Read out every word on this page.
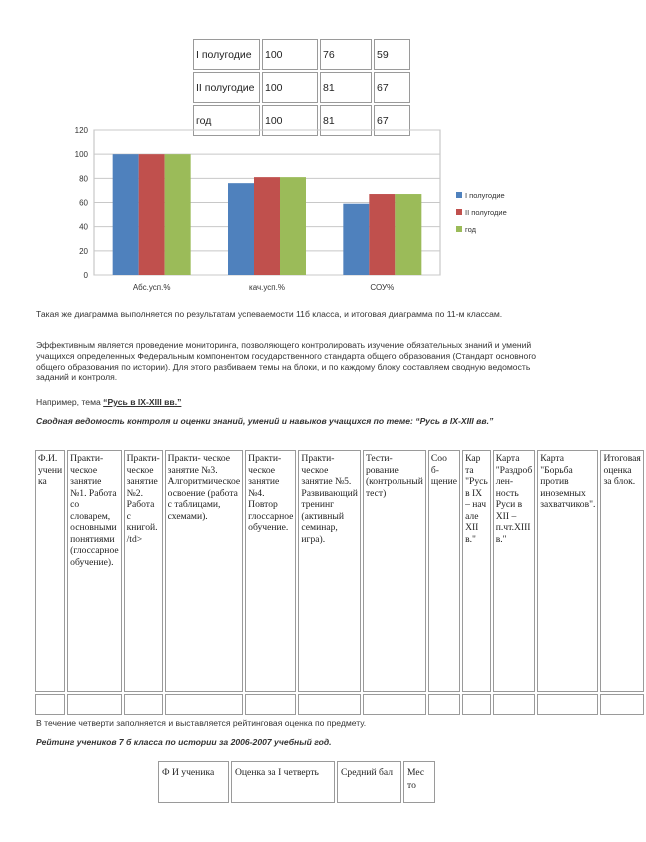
I полугодие	100	76	59
II полугодие	100	81	67
год	100	81	67
0
20
40
60
80
100
120
Абс.усп.%	кач.усп.%	СОУ%
I полугодие
II полугодие
год

Такая же диаграмма выполняется по результатам успеваемости 11б класса, и итоговая диаграмма по 11-м классам.

Эффективным является проведение мониторинга, позволяющего контролировать изучение обязательных знаний и умений учащихся определенных Федеральным компонентом государственного стандарта общего образования (Стандарт основного общего образования по истории). Для этого разбиваем темы на блоки, и по каждому блоку составляем сводную ведомость заданий и контроля.

Например, тема “Русь в IX-XIII вв.”

Сводная ведомость контроля и оценки знаний, умений и навыков учащихся по теме: “Русь в IX-XIII вв.”

Ф.И. учени ка	Практи- ческое занятие №1. Работа со словарем, основными понятиями (глоссарное обучение).	Практи- ческое занятие №2. Работа с книгой. /td>	Практи- ческое занятие №3. Алгоритмическое освоение (работа с таблицами, схемами).	Практи- ческое занятие №4. Повтор глоссарное обучение.	Практи- ческое занятие №5. Развивающий тренинг (активный семинар, игра).	Тести- рование (контрольный тест)	Соо б- щение	Кар та "Русь в IX – нач але XII в."	Карта "Раздроб лен- ность Руси в XII – п.чт.XIII в."	Карта "Борьба против иноземных захватчиков".	Итоговая оценка за блок.

В течение четверти заполняется и выставляется рейтинговая оценка по предмету.

Рейтинг учеников 7 б класса по истории за 2006-2007 учебный год.

Ф И ученика	Оценка за I четверть	Средний бал	Мес то
